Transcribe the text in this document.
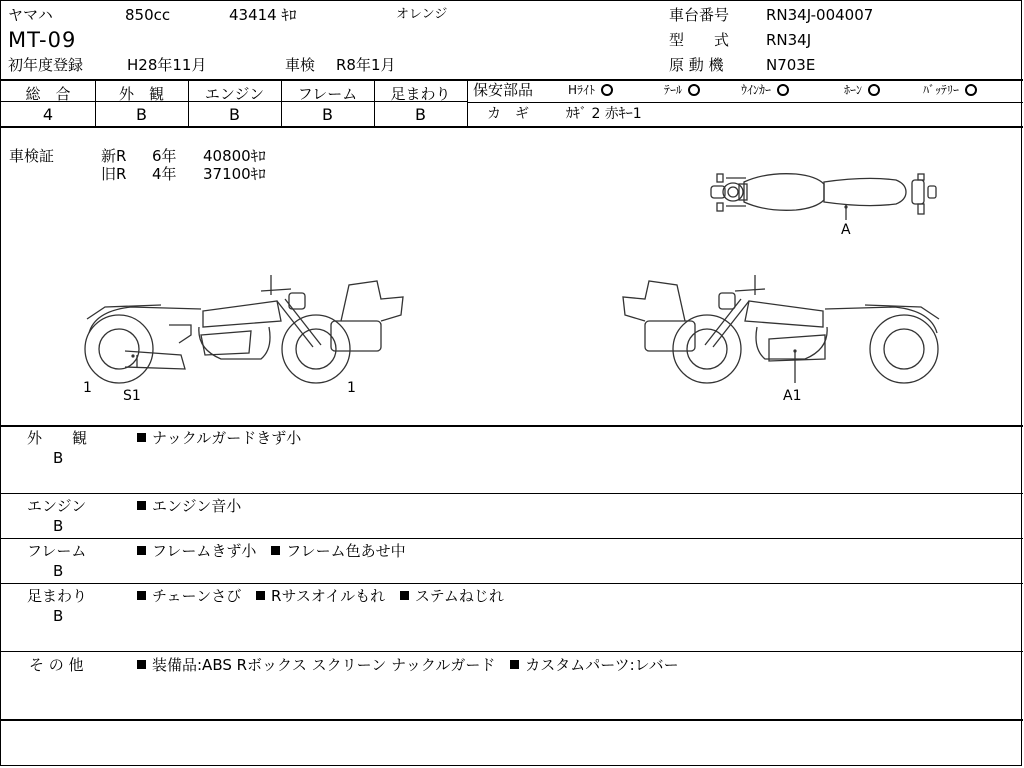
ヤマハ	850cc	43414 ｷﾛ	オレンジ
MT-09
初年度登録	H28年11月	車検 R8年1月
車台番号 RN34J-004007
型　　式 RN34J
原 動 機	N703E
総　合	外　観	エンジン	フレーム	足まわり
4	B	B	B	B
保安部品	Hﾗｲﾄ	ﾃｰﾙ	ｳｲﾝｶｰ	ﾎｰﾝ	ﾊﾞｯﾃﾘｰ
カ　ギ	ｶｷﾞ 2 赤ｷｰ1
車検証	新R 6年 40800ｷﾛ
旧R 4年 37100ｷﾛ
A
1 S1	1	A1
外　　観
B
ナックルガードきず小
エンジン
B
エンジン音小
フレーム
B
フレームきず小 フレーム色あせ中
足まわり
B
チェーンさび Rサスオイルもれ ステムねじれ
そ の 他	装備品:ABS Rボックス スクリーン ナックルガード カスタムパーツ:レバー
